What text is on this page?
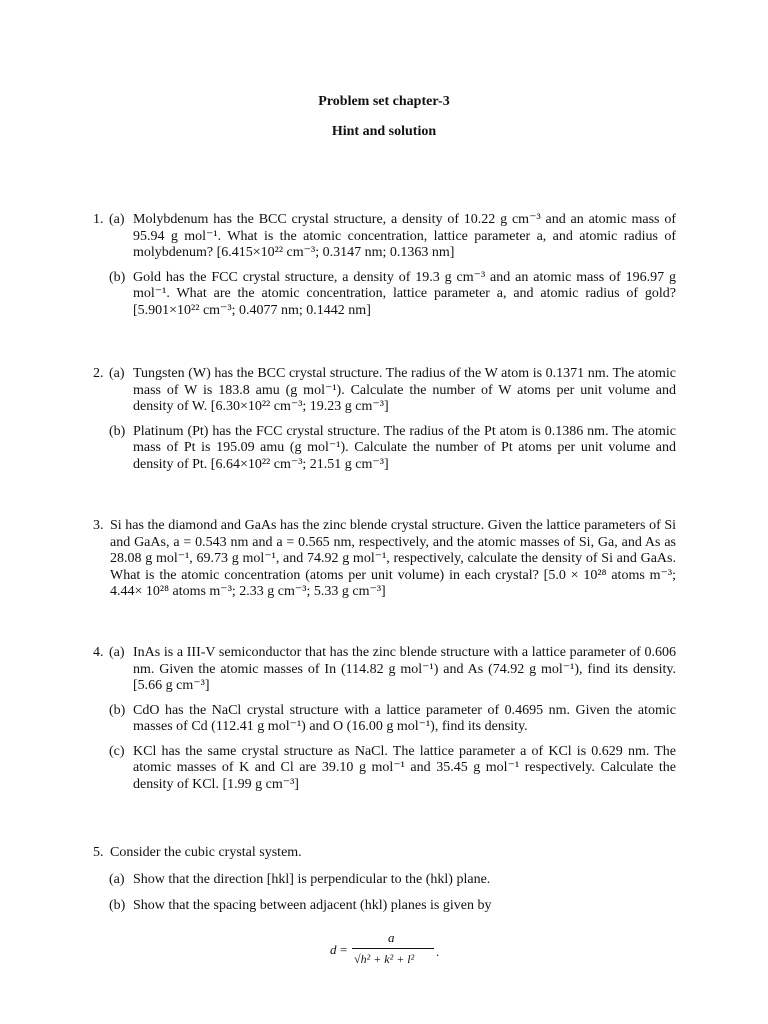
Problem set chapter-3
Hint and solution
1. (a) Molybdenum has the BCC crystal structure, a density of 10.22 g cm⁻³ and an atomic mass of 95.94 g mol⁻¹. What is the atomic concentration, lattice parameter a, and atomic radius of molybdenum? [6.415×10²² cm⁻³; 0.3147 nm; 0.1363 nm]
(b) Gold has the FCC crystal structure, a density of 19.3 g cm⁻³ and an atomic mass of 196.97 g mol⁻¹. What are the atomic concentration, lattice parameter a, and atomic radius of gold? [5.901×10²² cm⁻³; 0.4077 nm; 0.1442 nm]
2. (a) Tungsten (W) has the BCC crystal structure. The radius of the W atom is 0.1371 nm. The atomic mass of W is 183.8 amu (g mol⁻¹). Calculate the number of W atoms per unit volume and density of W. [6.30×10²² cm⁻³; 19.23 g cm⁻³]
(b) Platinum (Pt) has the FCC crystal structure. The radius of the Pt atom is 0.1386 nm. The atomic mass of Pt is 195.09 amu (g mol⁻¹). Calculate the number of Pt atoms per unit volume and density of Pt. [6.64×10²² cm⁻³; 21.51 g cm⁻³]
3. Si has the diamond and GaAs has the zinc blende crystal structure. Given the lattice parameters of Si and GaAs, a = 0.543 nm and a = 0.565 nm, respectively, and the atomic masses of Si, Ga, and As as 28.08 g mol⁻¹, 69.73 g mol⁻¹, and 74.92 g mol⁻¹, respectively, calculate the density of Si and GaAs. What is the atomic concentration (atoms per unit volume) in each crystal? [5.0 × 10²⁸ atoms m⁻³; 4.44× 10²⁸ atoms m⁻³; 2.33 g cm⁻³; 5.33 g cm⁻³]
4. (a) InAs is a III-V semiconductor that has the zinc blende structure with a lattice parameter of 0.606 nm. Given the atomic masses of In (114.82 g mol⁻¹) and As (74.92 g mol⁻¹), find its density. [5.66 g cm⁻³]
(b) CdO has the NaCl crystal structure with a lattice parameter of 0.4695 nm. Given the atomic masses of Cd (112.41 g mol⁻¹) and O (16.00 g mol⁻¹), find its density.
(c) KCl has the same crystal structure as NaCl. The lattice parameter a of KCl is 0.629 nm. The atomic masses of K and Cl are 39.10 g mol⁻¹ and 35.45 g mol⁻¹ respectively. Calculate the density of KCl. [1.99 g cm⁻³]
5. Consider the cubic crystal system.
(a) Show that the direction [hkl] is perpendicular to the (hkl) plane.
(b) Show that the spacing between adjacent (hkl) planes is given by
d =
a
√h² + k² + l² .
